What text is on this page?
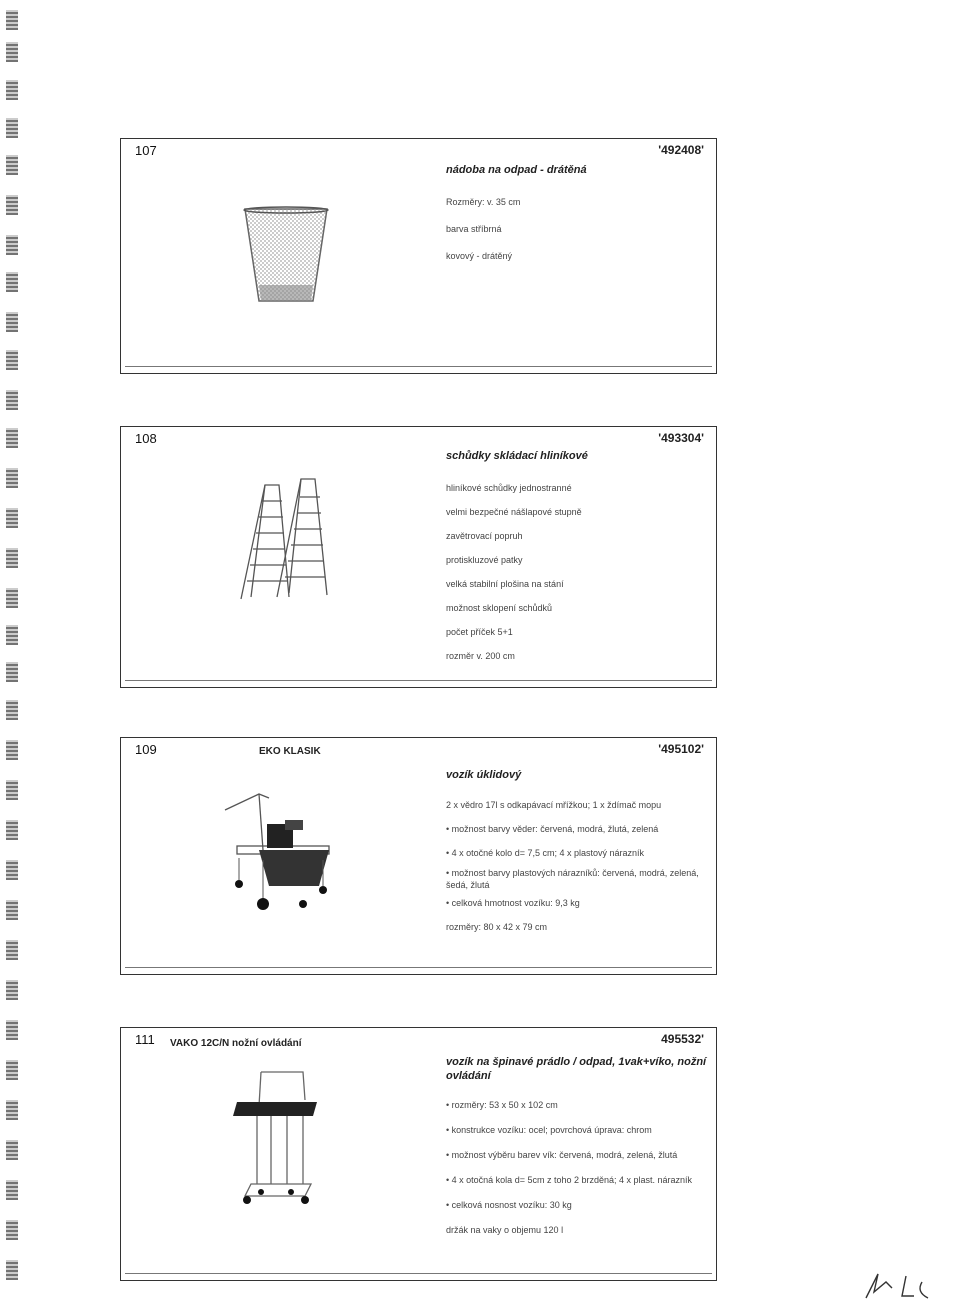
107	'492408'
nádoba na odpad - drátěná
Rozměry: v. 35 cm
barva stříbrná
kovový - drátěný
108	'493304'
schůdky skládací hliníkové
hliníkové schůdky jednostranné
velmi bezpečné nášlapové stupně
zavětrovací popruh
protiskluzové patky
velká stabilní plošina na stání
možnost sklopení schůdků
počet příček 5+1
rozměr v. 200 cm
109	EKO KLASIK	'495102'
vozík úklidový
2 x vědro 17l s odkapávací mřížkou; 1 x ždímač mopu
• možnost barvy věder: červená, modrá, žlutá, zelená
• 4 x otočné kolo d= 7,5 cm; 4 x plastový nárazník
• možnost barvy plastových nárazníků: červená, modrá, zelená, šedá, žlutá
• celková hmotnost vozíku: 9,3 kg
rozměry: 80 x 42 x 79 cm
111 VAKO 12C/N nožní ovládání	495532'
vozík na špinavé prádlo / odpad, 1vak+víko, nožní ovládání
• rozměry: 53 x 50 x 102 cm
• konstrukce vozíku: ocel; povrchová úprava: chrom
• možnost výběru barev vík: červená, modrá, zelená, žlutá
• 4 x otočná kola d= 5cm z toho 2 brzděná; 4 x plast. nárazník
• celková nosnost vozíku: 30 kg
držák na vaky o objemu 120 l
